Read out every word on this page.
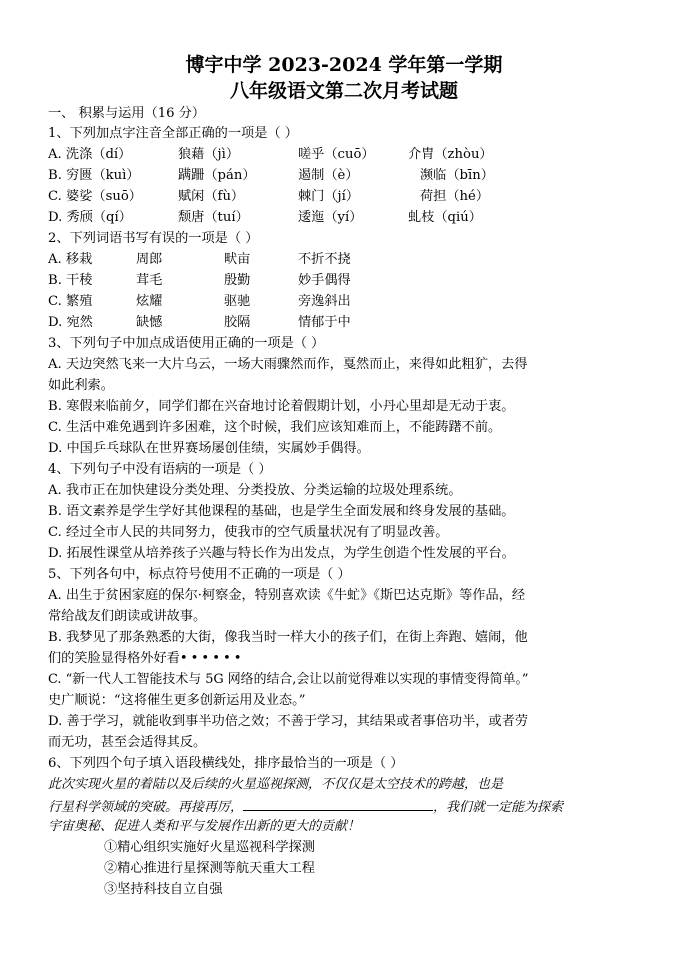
博宇中学 2023-2024 学年第一学期
八年级语文第二次月考试题
一、 积累与运用（16 分）
1、下列加点字注音全部正确的一项是（ ）
A. 洗涤（dí）	狼藉（jì）	嗟乎（cuō）	介胄（zhòu）
B. 穷匮（kuì）	蹒跚（pán）	遏制（è）	濒临（bīn）
C. 婆娑（suō）	赋闲（fù）	棘门（jí）	荷担（hé）
D. 秀颀（qí）	颓唐（tuí）	逶迤（yí）	虬枝（qiú）
2、下列词语书写有误的一项是（ ）
A. 移栽	周郎	畎亩	不折不挠
B. 干稜	茸毛	殷勤	妙手偶得
C. 繁殖	炫耀	驱驰	旁逸斜出
D. 宛然	缺憾	胶隔	情郁于中
3、下列句子中加点成语使用正确的一项是（ ）
A. 天边突然飞来一大片乌云，一场大雨骤然而作，戛然而止，来得如此粗犷，去得
如此利索。
B. 寒假来临前夕，同学们都在兴奋地讨论着假期计划，小丹心里却是无动于衷。
C. 生活中难免遇到许多困难，这个时候，我们应该知难而上，不能踌躇不前。
D. 中国乒乓球队在世界赛场屡创佳绩，实属妙手偶得。
4、下列句子中没有语病的一项是（ ）
A. 我市正在加快建设分类处理、分类投放、分类运输的垃圾处理系统。
B. 语文素养是学生学好其他课程的基础，也是学生全面发展和终身发展的基础。
C. 经过全市人民的共同努力，使我市的空气质量状况有了明显改善。
D. 拓展性课堂从培养孩子兴趣与特长作为出发点，为学生创造个性发展的平台。
5、下列各句中，标点符号使用不正确的一项是（ ）
A. 出生于贫困家庭的保尔·柯察金，特别喜欢读《牛虻》《斯巴达克斯》等作品，经
常给战友们朗读或讲故事。
B. 我梦见了那条熟悉的大街，像我当时一样大小的孩子们，在街上奔跑、嬉闹，他
们的笑脸显得格外好看••••••
C. “新一代人工智能技术与 5G 网络的结合,会让以前觉得难以实现的事情变得简单。”
史广顺说：“这将催生更多创新运用及业态。”
D. 善于学习，就能收到事半功倍之效；不善于学习，其结果或者事倍功半，或者劳
而无功，甚至会适得其反。
6、下列四个句子填入语段横线处，排序最恰当的一项是（ ）
此次实现火星的着陆以及后续的火星巡视探测，不仅仅是太空技术的跨越，也是
行星科学领域的突破。再接再厉，	，我们就一定能为探索
宇宙奥秘、促进人类和平与发展作出新的更大的贡献！
①精心组织实施好火星巡视科学探测
②精心推进行星探测等航天重大工程
③坚持科技自立自强
